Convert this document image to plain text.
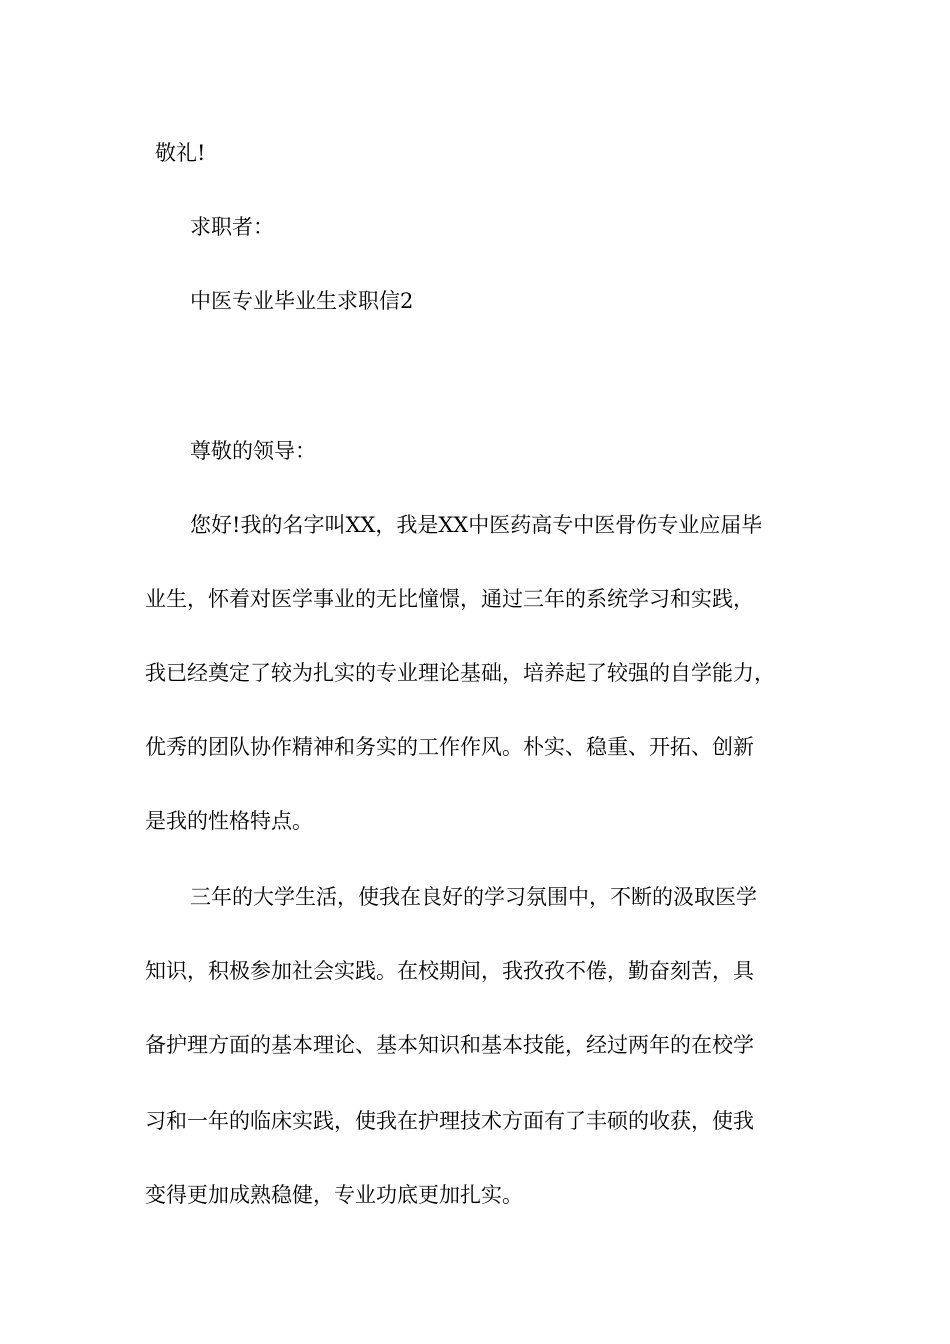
敬礼!
求职者：
中医专业毕业生求职信2
尊敬的领导：
您好!我的名字叫XX，我是XX中医药高专中医骨伤专业应届毕
业生，怀着对医学事业的无比憧憬，通过三年的系统学习和实践，
我已经奠定了较为扎实的专业理论基础，培养起了较强的自学能力，
优秀的团队协作精神和务实的工作作风。朴实、稳重、开拓、创新
是我的性格特点。
三年的大学生活，使我在良好的学习氛围中，不断的汲取医学
知识，积极参加社会实践。在校期间，我孜孜不倦，勤奋刻苦，具
备护理方面的基本理论、基本知识和基本技能，经过两年的在校学
习和一年的临床实践，使我在护理技术方面有了丰硕的收获，使我
变得更加成熟稳健，专业功底更加扎实。
